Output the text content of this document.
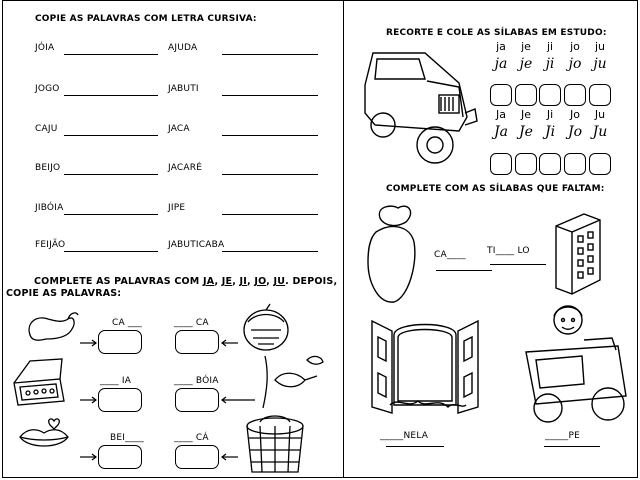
COPIE AS PALAVRAS COM LETRA CURSIVA:
JÓIA	AJUDA
JOGO	JABUTI
CAJU	JACA
BEIJO	JACARÉ
JIBÓIA	JIPE
FEIJÃO	JABUTICABA
COMPLETE AS PALAVRAS COM JA, JE, JI, JO, JU. DEPOIS,
COPIE AS PALAVRAS:
CA ___	____ CA
____ IA	____ BÓIA
BEI____	____ CÁ
RECORTE E COLE AS SÍLABAS EM ESTUDO:
ja
ja
je
je
ji
ji
jo
jo
ju
ju
Ja
Ja
Je
Je
Ji
Ji
Jo
Jo
Ju
Ju
COMPLETE COM AS SÍLABAS QUE FALTAM:
CA____ TI____ LO
_____NELA	_____PE
